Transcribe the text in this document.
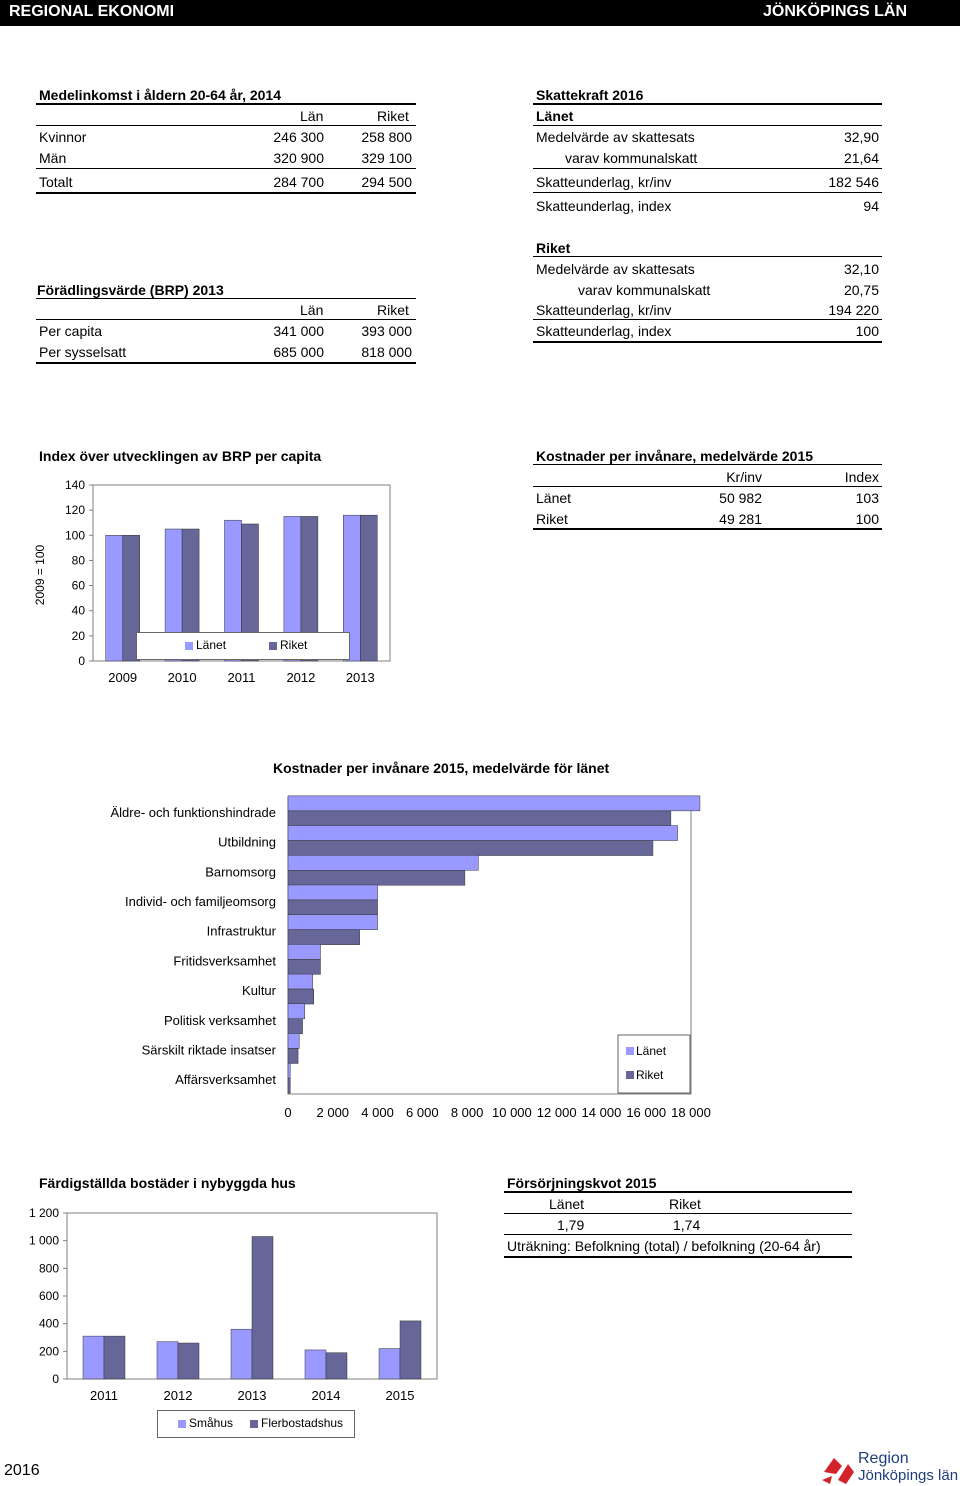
REGIONAL EKONOMI	JÖNKÖPINGS LÄN
Medelinkomst i åldern 20-64 år, 2014
Län	Riket
Kvinnor	246 300	258 800
Män	320 900	329 100
Totalt	284 700	294 500
Förädlingsvärde (BRP) 2013
Län	Riket
Per capita	341 000	393 000
Per sysselsatt	685 000	818 000
Skattekraft 2016
Länet
Medelvärde av skattesats	32,90
varav kommunalskatt	21,64
Skatteunderlag, kr/inv	182 546
Skatteunderlag, index	94
Riket
Medelvärde av skattesats	32,10
varav kommunalskatt	20,75
Skatteunderlag, kr/inv	194 220
Skatteunderlag, index	100
Index över utvecklingen av BRP per capita
0
20
40
60
80
100
120
140
2009 2010 2011 2012 2013
2009 = 100
Länet	Riket
Kostnader per invånare, medelvärde 2015
Kr/inv	Index
Länet	50 982	103
Riket	49 281	100
Kostnader per invånare 2015, medelvärde för länet
0 2 000 4 000 6 000 8 000 10 000 12 000 14 000 16 000 18 000
Äldre- och funktionshindrade
Utbildning
Barnomsorg
Individ- och familjeomsorg
Infrastruktur
Fritidsverksamhet
Kultur
Politisk verksamhet
Särskilt riktade insatser
Affärsverksamhet
Länet
Riket
Färdigställda bostäder i nybyggda hus
0
200
400
600
800
1 000
1 200
2011	2012	2013	2014	2015
Småhus	Flerbostadshus
Försörjningskvot 2015
Länet	Riket
1,79	1,74
Uträkning: Befolkning (total) / befolkning (20-64 år)
2016
Region
Jönköpings län
